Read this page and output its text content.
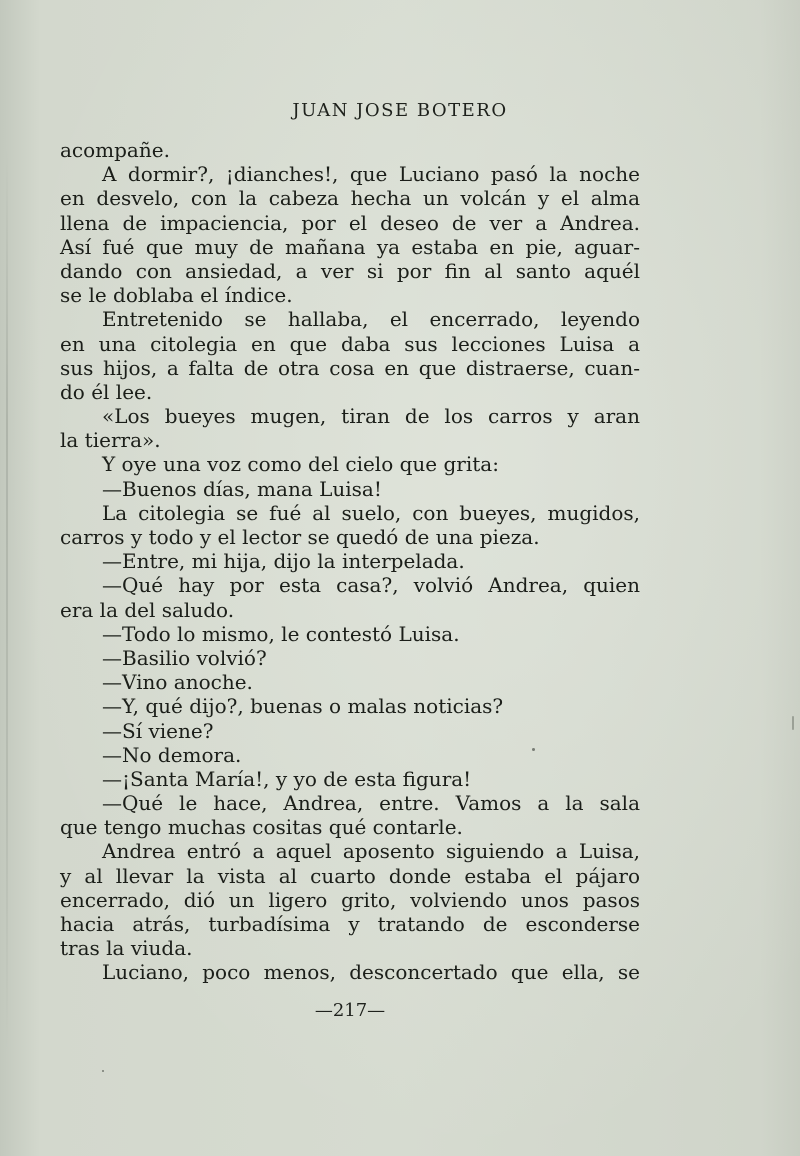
JUAN JOSE BOTERO
acompañe.
A dormir?, ¡dianches!, que Luciano pasó la noche
en desvelo, con la cabeza hecha un volcán y el alma
llena de impaciencia, por el deseo de ver a Andrea.
Así fué que muy de mañana ya estaba en pie, aguar-
dando con ansiedad, a ver si por fin al santo aquél
se le doblaba el índice.
Entretenido se hallaba, el encerrado, leyendo
en una citolegia en que daba sus lecciones Luisa a
sus hijos, a falta de otra cosa en que distraerse, cuan-
do él lee.
«Los bueyes mugen, tiran de los carros y aran
la tierra».
Y oye una voz como del cielo que grita:
—Buenos días, mana Luisa!
La citolegia se fué al suelo, con bueyes, mugidos,
carros y todo y el lector se quedó de una pieza.
—Entre, mi hija, dijo la interpelada.
—Qué hay por esta casa?, volvió Andrea, quien
era la del saludo.
—Todo lo mismo, le contestó Luisa.
—Basilio volvió?
—Vino anoche.
—Y, qué dijo?, buenas o malas noticias?
—Sí viene?
—No demora.
—¡Santa María!, y yo de esta figura!
—Qué le hace, Andrea, entre. Vamos a la sala
que tengo muchas cositas qué contarle.
Andrea entró a aquel aposento siguiendo a Luisa,
y al llevar la vista al cuarto donde estaba el pájaro
encerrado, dió un ligero grito, volviendo unos pasos
hacia atrás, turbadísima y tratando de esconderse
tras la viuda.
Luciano, poco menos, desconcertado que ella, se
—217—
